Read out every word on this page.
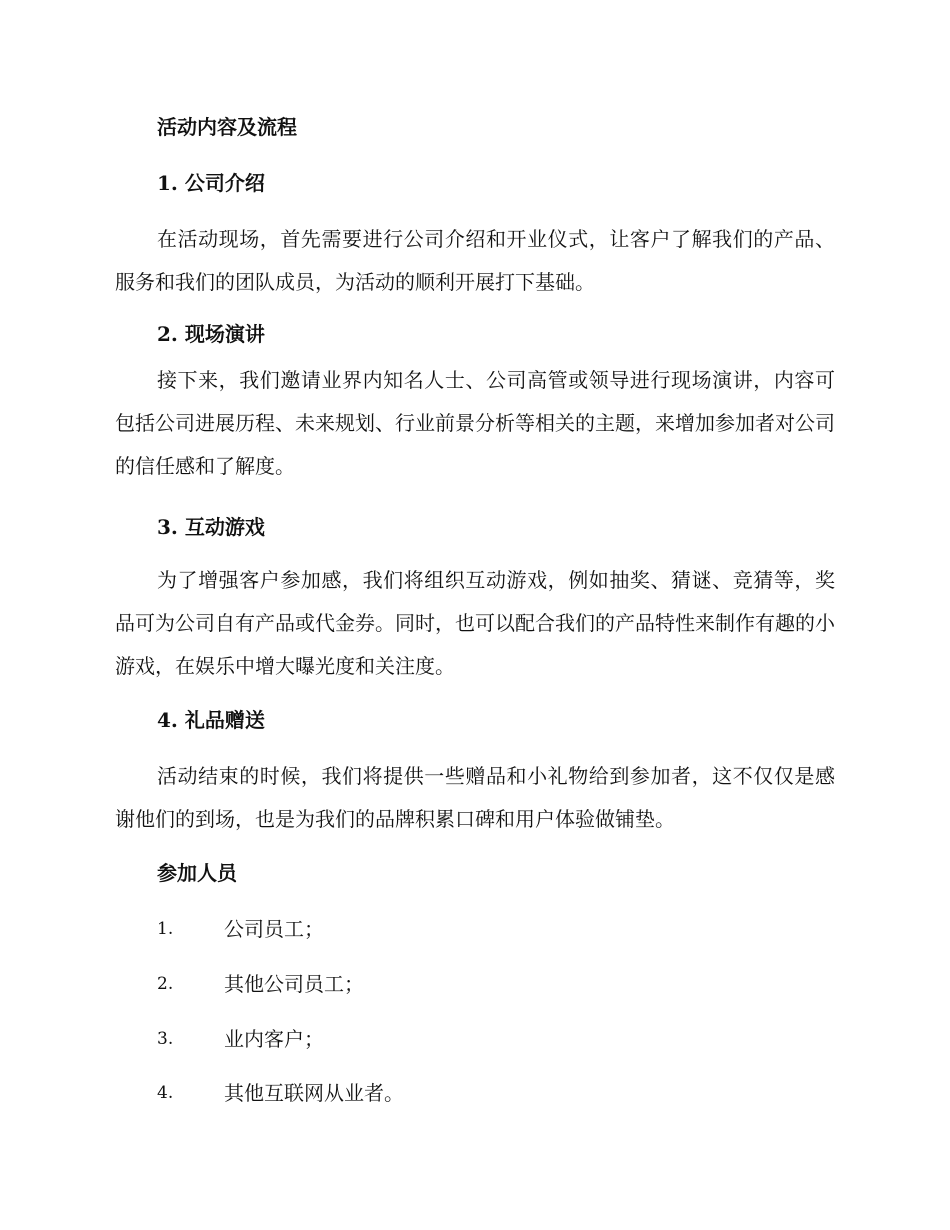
活动内容及流程
1. 公司介绍
在活动现场，首先需要进行公司介绍和开业仪式，让客户了解我们的产品、服务和我们的团队成员，为活动的顺利开展打下基础。
2. 现场演讲
接下来，我们邀请业界内知名人士、公司高管或领导进行现场演讲，内容可包括公司进展历程、未来规划、行业前景分析等相关的主题，来增加参加者对公司的信任感和了解度。
3. 互动游戏
为了增强客户参加感，我们将组织互动游戏，例如抽奖、猜谜、竞猜等，奖品可为公司自有产品或代金券。同时，也可以配合我们的产品特性来制作有趣的小游戏，在娱乐中增大曝光度和关注度。
4. 礼品赠送
活动结束的时候，我们将提供一些赠品和小礼物给到参加者，这不仅仅是感谢他们的到场，也是为我们的品牌积累口碑和用户体验做铺垫。
参加人员
1.	公司员工；
2.	其他公司员工；
3.	业内客户；
4.	其他互联网从业者。
